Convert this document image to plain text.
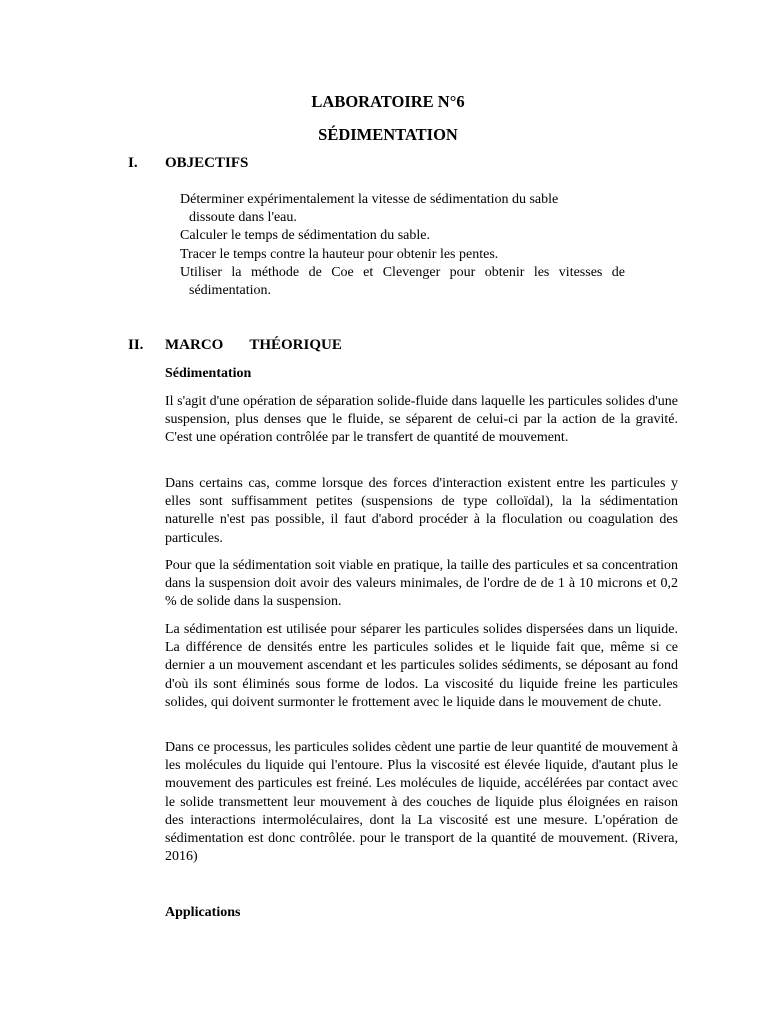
LABORATOIRE N°6
SÉDIMENTATION
I. OBJECTIFS
Déterminer expérimentalement la vitesse de sédimentation du sable
dissoute dans l'eau.
Calculer le temps de sédimentation du sable.
Tracer le temps contre la hauteur pour obtenir les pentes.
Utiliser la méthode de Coe et Clevenger pour obtenir les vitesses de
sédimentation.
II. MARCO THÉORIQUE
Sédimentation

Il s'agit d'une opération de séparation solide-fluide dans laquelle les particules solides d'une suspension, plus denses que le fluide, se séparent de celui-ci par la action de la gravité. C'est une opération contrôlée par le transfert de quantité de mouvement.

Dans certains cas, comme lorsque des forces d'interaction existent entre les particules y elles sont suffisamment petites (suspensions de type colloïdal), la la sédimentation naturelle n'est pas possible, il faut d'abord procéder à la floculation ou coagulation des particules.

Pour que la sédimentation soit viable en pratique, la taille des particules et sa concentration dans la suspension doit avoir des valeurs minimales, de l'ordre de de 1 à 10 microns et 0,2 % de solide dans la suspension.

La sédimentation est utilisée pour séparer les particules solides dispersées dans un liquide. La différence de densités entre les particules solides et le liquide fait que, même si ce dernier a un mouvement ascendant et les particules solides sédiments, se déposant au fond d'où ils sont éliminés sous forme de lodos. La viscosité du liquide freine les particules solides, qui doivent surmonter le frottement avec le liquide dans le mouvement de chute.

Dans ce processus, les particules solides cèdent une partie de leur quantité de mouvement à les molécules du liquide qui l'entoure. Plus la viscosité est élevée liquide, d'autant plus le mouvement des particules est freiné. Les molécules de liquide, accélérées par contact avec le solide transmettent leur mouvement à des couches de liquide plus éloignées en raison des interactions intermoléculaires, dont la La viscosité est une mesure. L'opération de sédimentation est donc contrôlée. pour le transport de la quantité de mouvement. (Rivera, 2016)

Applications
